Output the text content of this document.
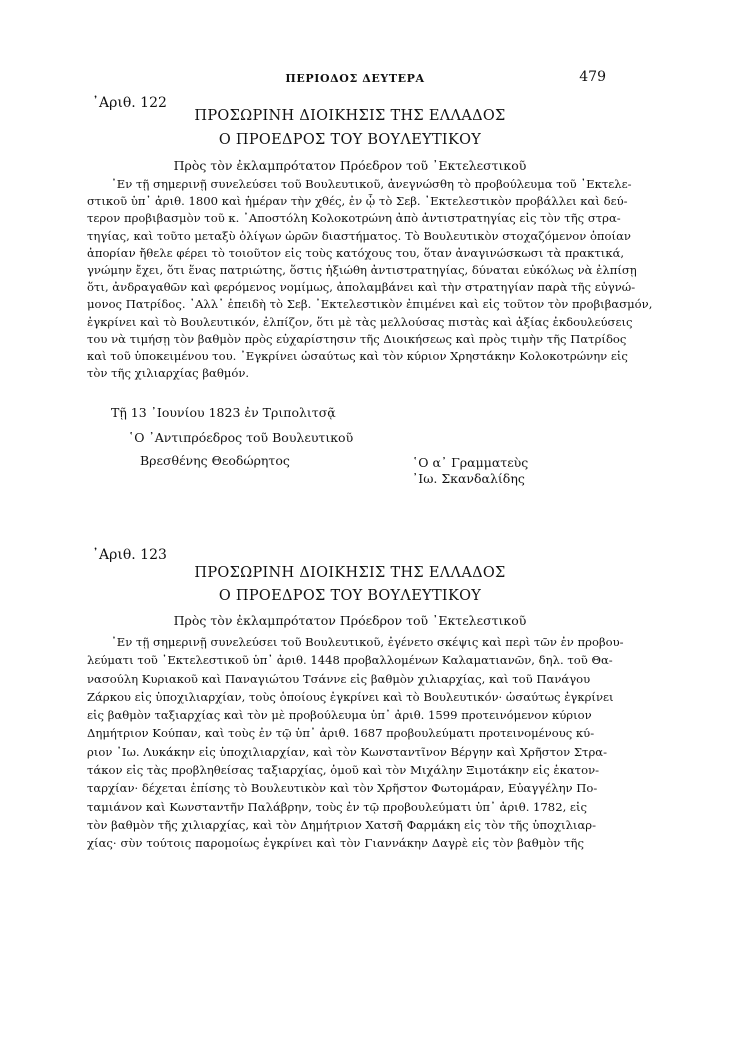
ΠΕΡΙΟΔΟΣ ΔΕΥΤΕΡΑ	479
᾿Αριθ. 122
ΠΡΟΣΩΡΙΝΗ ΔΙΟΙΚΗΣΙΣ ΤΗΣ ΕΛΛΑΔΟΣ
Ο ΠΡΟΕΔΡΟΣ ΤΟΥ ΒΟΥΛΕΥΤΙΚΟΥ
Πρὸς τὸν ἐκλαμπρότατον Πρόεδρον τοῦ ᾿Εκτελεστικοῦ
᾿Εν τῇ σημερινῇ συνελεύσει τοῦ Βουλευτικοῦ, ἀνεγνώσθη τὸ προβούλευμα τοῦ ᾿Εκτελε-
στικοῦ ὑπ᾿ ἀριθ. 1800 καὶ ἡμέραν τὴν χθές, ἐν ᾧ τὸ Σεβ. ᾿Εκτελεστικὸν προβάλλει καὶ δεύ-
τερον προβιβασμὸν τοῦ κ. ᾿Αποστόλη Κολοκοτρώνη ἀπὸ ἀντιστρατηγίας εἰς τὸν τῆς στρα-
τηγίας, καὶ τοῦτο μεταξὺ ὀλίγων ὡρῶν διαστήματος. Τὸ Βουλευτικὸν στοχαζόμενον ὁποίαν
ἀπορίαν ἤθελε φέρει τὸ τοιοῦτον εἰς τοὺς κατόχους του, ὅταν ἀναγινώσκωσι τὰ πρακτικά,
γνώμην ἔχει, ὅτι ἕνας πατριώτης, ὅστις ἠξιώθη ἀντιστρατηγίας, δύναται εὐκόλως νὰ ἐλπίσῃ
ὅτι, ἀνδραγαθῶν καὶ φερόμενος νομίμως, ἀπολαμβάνει καὶ τὴν στρατηγίαν παρὰ τῆς εὐγνώ-
μονος Πατρίδος. ᾿Αλλ᾿ ἐπειδὴ τὸ Σεβ. ᾿Εκτελεστικὸν ἐπιμένει καὶ εἰς τοῦτον τὸν προβιβασμόν,
ἐγκρίνει καὶ τὸ Βουλευτικόν, ἐλπίζον, ὅτι μὲ τὰς μελλούσας πιστὰς καὶ ἀξίας ἐκδουλεύσεις
του νὰ τιμήσῃ τὸν βαθμὸν πρὸς εὐχαρίστησιν τῆς Διοικήσεως καὶ πρὸς τιμὴν τῆς Πατρίδος
καὶ τοῦ ὑποκειμένου του. ᾿Εγκρίνει ὡσαύτως καὶ τὸν κύριον Χρηστάκην Κολοκοτρώνην εἰς
τὸν τῆς χιλιαρχίας βαθμόν.
Τῇ 13 ᾿Ιουνίου 1823 ἐν Τριπολιτσᾷ
῾Ο ᾿Αντιπρόεδρος τοῦ Βουλευτικοῦ
Βρεσθένης Θεοδώρητος	῾Ο α᾿ Γραμματεὺς
᾿Ιω. Σκανδαλίδης
᾿Αριθ. 123
ΠΡΟΣΩΡΙΝΗ ΔΙΟΙΚΗΣΙΣ ΤΗΣ ΕΛΛΑΔΟΣ
Ο ΠΡΟΕΔΡΟΣ ΤΟΥ ΒΟΥΛΕΥΤΙΚΟΥ
Πρὸς τὸν ἐκλαμπρότατον Πρόεδρον τοῦ ᾿Εκτελεστικοῦ
᾿Εν τῇ σημερινῇ συνελεύσει τοῦ Βουλευτικοῦ, ἐγένετο σκέψις καὶ περὶ τῶν ἐν προβου-
λεύματι τοῦ ᾿Εκτελεστικοῦ ὑπ᾿ ἀριθ. 1448 προβαλλομένων Καλαματιανῶν, δηλ. τοῦ Θα-
νασούλη Κυριακοῦ καὶ Παναγιώτου Τσάννε εἰς βαθμὸν χιλιαρχίας, καὶ τοῦ Πανάγου
Ζάρκου εἰς ὑποχιλιαρχίαν, τοὺς ὁποίους ἐγκρίνει καὶ τὸ Βουλευτικόν· ὡσαύτως ἐγκρίνει
εἰς βαθμὸν ταξιαρχίας καὶ τὸν μὲ προβούλευμα ὑπ᾿ ἀριθ. 1599 προτεινόμενον κύριον
Δημήτριον Κούπαν, καὶ τοὺς ἐν τῷ ὑπ᾿ ἀριθ. 1687 προβουλεύματι προτεινομένους κύ-
ριον ᾿Ιω. Λυκάκην εἰς ὑποχιλιαρχίαν, καὶ τὸν Κωνσταντῖνον Βέργην καὶ Χρῆστον Στρα-
τάκον εἰς τὰς προβληθείσας ταξιαρχίας, ὁμοῦ καὶ τὸν Μιχάλην Ξιμοτάκην εἰς ἑκατον-
ταρχίαν· δέχεται ἐπίσης τὸ Βουλευτικὸν καὶ τὸν Χρῆστον Φωτομάραν, Εὐαγγέλην Πο-
ταμιάνον καὶ Κωνσταντῆν Παλάβρην, τοὺς ἐν τῷ προβουλεύματι ὑπ᾿ ἀριθ. 1782, εἰς
τὸν βαθμὸν τῆς χιλιαρχίας, καὶ τὸν Δημήτριον Χατσῆ Φαρμάκη εἰς τὸν τῆς ὑποχιλιαρ-
χίας· σὺν τούτοις παρομοίως ἐγκρίνει καὶ τὸν Γιαννάκην Δαγρὲ εἰς τὸν βαθμὸν τῆς
